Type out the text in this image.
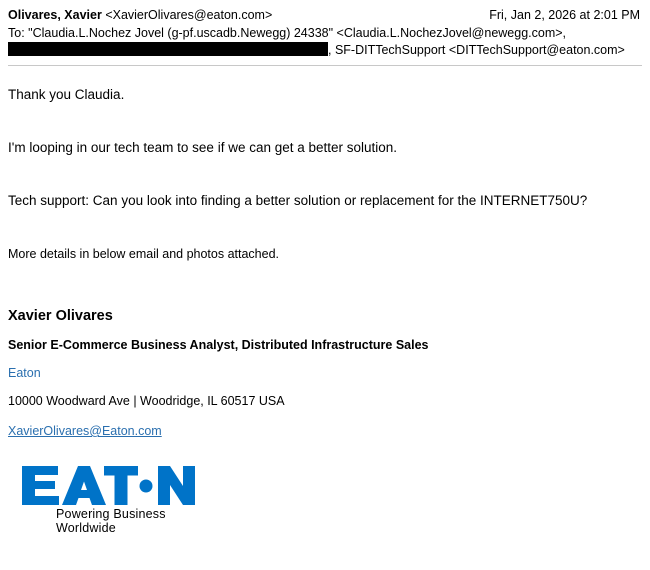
Olivares, Xavier <XavierOlivares@eaton.com>	Fri, Jan 2, 2026 at 2:01 PM
To: "Claudia.L.Nochez Jovel (g-pf.uscadb.Newegg) 24338" <Claudia.L.NochezJovel@newegg.com>,
, SF-DITTechSupport <DITTechSupport@eaton.com>

Thank you Claudia.

I'm looping in our tech team to see if we can get a better solution.

Tech support: Can you look into finding a better solution or replacement for the INTERNET750U?

More details in below email and photos attached.

Xavier Olivares
Senior E-Commerce Business Analyst, Distributed Infrastructure Sales
Eaton
10000 Woodward Ave | Woodridge, IL 60517 USA
XavierOlivares@Eaton.com
Powering Business Worldwide
